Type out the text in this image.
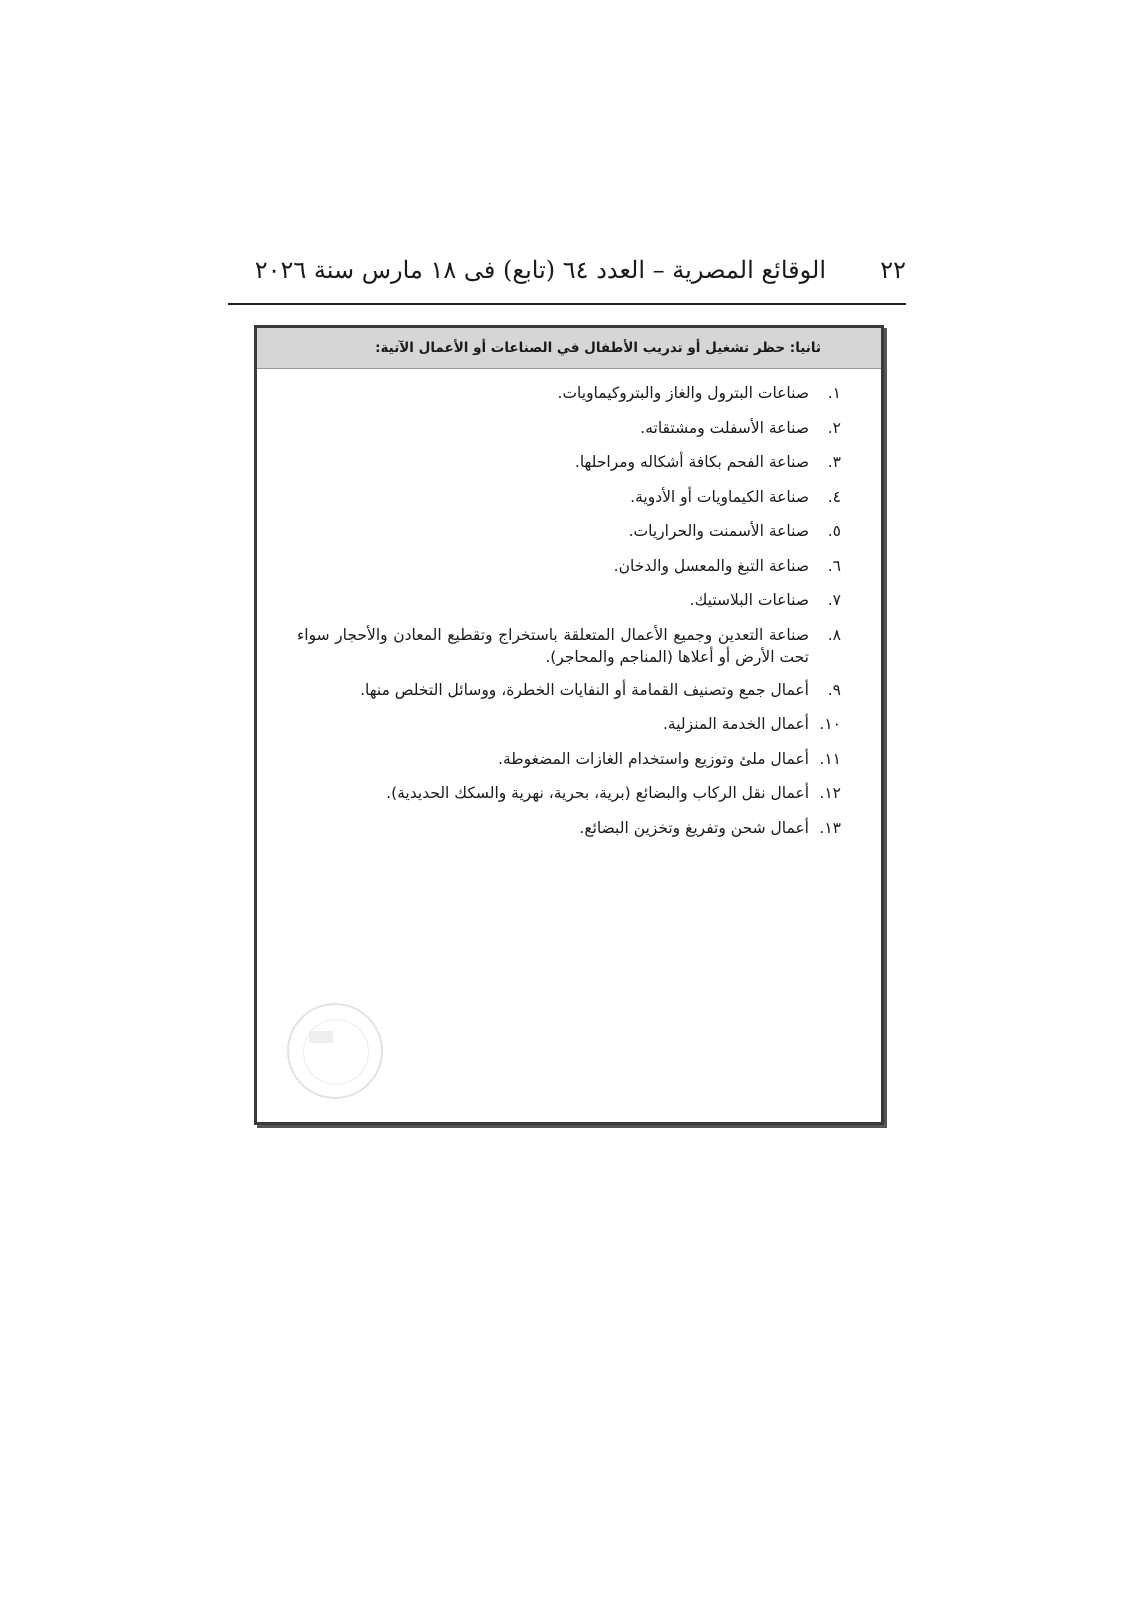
٢٢
الوقائع المصرية – العدد ٦٤ (تابع) فى ١٨ مارس سنة ٢٠٢٦
ثانيا: حظر تشغيل أو تدريب الأطفال في الصناعات أو الأعمال الآتية:
١.
صناعات البترول والغاز والبتروكيماويات.
٢.
صناعة الأسفلت ومشتقاته.
٣.
صناعة الفحم بكافة أشكاله ومراحلها.
٤.
صناعة الكيماويات أو الأدوية.
٥.
صناعة الأسمنت والحراريات.
٦.
صناعة التبغ والمعسل والدخان.
٧.
صناعات البلاستيك.
٨.
صناعة التعدين وجميع الأعمال المتعلقة باستخراج وتقطيع المعادن والأحجار سواء تحت الأرض أو أعلاها (المناجم والمحاجر).
٩.
أعمال جمع وتصنيف القمامة أو النفايات الخطرة، ووسائل التخلص منها.
١٠.
أعمال الخدمة المنزلية.
١١.
أعمال ملئ وتوزيع واستخدام الغازات المضغوطة.
١٢.
أعمال نقل الركاب والبضائع (برية، بحرية، نهرية والسكك الحديدية).
١٣.
أعمال شحن وتفريغ وتخزين البضائع.
